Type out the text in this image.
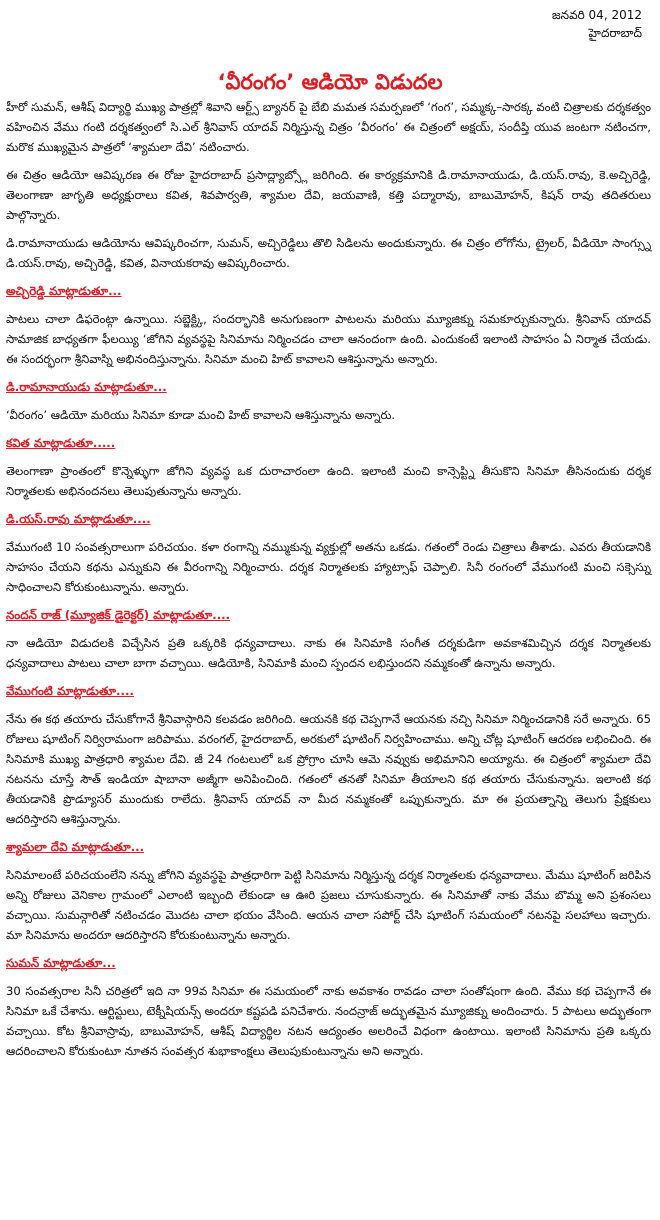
జనవరి 04, 2012
హైదరాబాద్
‘వీరంగం’ ఆడియో విడుదల
హీరో సుమన్, ఆశీష్ విద్యార్థి ముఖ్య పాత్రల్లో శివాని ఆర్ట్స్ బ్యానర్ పై బేబి మమత సమర్పణలో ‘గంగ’, సమ్మక్క–సారక్క వంటి చిత్రాలకు దర్శకత్వం వహించిన వేము గంటి దర్శకత్వంలో సి.ఎల్ శ్రీనివాస్ యాదవ్ నిర్మిస్తున్న చిత్రం ‘వీరంగం’ ఈ చిత్రంలో అక్షయ్, సందీప్తి యువ జంటగా నటించగా, మరొక ముఖ్యమైన పాత్రలో ‘శ్యామలా దేవి’ నటించారు.
ఈ చిత్రం ఆడియో ఆవిష్కరణ ఈ రోజు హైదరాబాద్ ప్రసాద్ల్యాబ్స్లో జరిగింది. ఈ కార్యక్రమానికి డి.రామానాయుడు, డి.యస్.రావు, కె.అచ్చిరెడ్డి, తెలంగాణా జాగృతి అధ్యక్షురాలు కవిత, శివపార్వతి, శ్యామల దేవి, జయవాణి, కత్తి పద్మారావు, బాబుమోహన్, కిషన్ రావు తదితరులు పాల్గొన్నారు.
డి.రామానాయుడు ఆడియోను ఆవిష్కరించగా, సుమన్, అచ్చిరెడ్డిలు తొలి సిడిలను అందుకున్నారు. ఈ చిత్రం లోగోను, ట్రైలర్, వీడియో సాంగ్స్ను డి.యస్.రావు, అచ్చిరెడ్డి, కవిత, వినాయకరావు ఆవిష్కరించారు.
అచ్చిరెడ్డి మాట్లాడుతూ...
పాటలు చాలా డిఫరెంట్గా ఉన్నాయి. సబ్జెక్ట్కి, సందర్భానికి అనుగుణంగా పాటలను మరియు మ్యూజిక్ను సమకూర్చుకున్నారు. శ్రీనివాస్ యాదవ్ సామాజిక బాధ్యతగా ఫీలయ్యి ‘జోగిని వ్యవస్థపై సినిమాను నిర్మించడం చాలా ఆనందంగా ఉంది. ఎందుకంటే ఇలాంటి సాహసం ఏ నిర్మాత చేయడు. ఈ సందర్భంగా శ్రీనివాస్ని అభినందిస్తున్నాను. సినిమా మంచి హిట్ కావాలని ఆశిస్తున్నాను అన్నారు.
డి.రామానాయుడు మాట్లాడుతూ...
‘వీరంగం’ ఆడియో మరియు సినిమా కూడా మంచి హిట్ కావాలని ఆశిస్తున్నాను అన్నారు.
కవిత మాట్లాడుతూ.....
తెలంగాణా ప్రాంతంలో కొన్నెళ్ళుగా జోగిని వ్యవస్థ ఒక దురాచారంలా ఉంది. ఇలాంటి మంచి కాన్సెప్ట్ని తీసుకొని సినిమా తీసినందుకు దర్శక నిర్మాతలకు అభినందనలు తెలుపుతున్నాను అన్నారు.
డి.యస్.రావు మాట్లాడుతూ....
వేముగంటి 10 సంవత్సరాలుగా పరిచయం. కళా రంగాన్ని నమ్ముకున్న వ్యక్తుల్లో అతను ఒకడు. గతంలో రెండు చిత్రాలు తీశాడు. ఎవరు తీయడానికి సాహసం చేయని కథను ఎన్నుకుని ఈ వీరంగాన్ని నిర్మించారు. దర్శక నిర్మాతలకు హ్యాట్సాఫ్ చెప్పాలి. సినీ రంగంలో వేముగంటి మంచి సక్సెస్ను సాధించాలని కోరుకుంటున్నాను. అన్నారు.
నందన్ రాజ్ (మ్యూజిక్ డైరెక్టర్) మాట్లాడుతూ....
నా ఆడియో విడుదలకి విచ్చేసిన ప్రతి ఒక్కరికి ధన్యవాదాలు. నాకు ఈ సినిమాకి సంగీత దర్శకుడిగా అవకాశమిచ్చిన దర్శక నిర్మాతలకు ధన్యవాదాలు పాటలు చాలా బాగా వచ్చాయి. ఆడియోకి, సినిమాకి మంచి స్పందన లభిస్తుందని నమ్మకంతో ఉన్నాను అన్నారు.
వేముగంటి మాట్లాడుతూ....
నేను ఈ కథ తయారు చేసుకోగానే శ్రీనివాస్గారిని కలవడం జరిగింది. ఆయనకి కథ చెప్పగానే ఆయనకు నచ్చి సినిమా నిర్మించడానికి సరే అన్నారు. 65 రోజులు షూటింగ్ నిర్విరామంగా జరిపాము. వరంగల్, హైదరాబాద్, అరకులో షూటింగ్ నిర్వహించాము. అన్ని చోట్ల షూటింగ్ ఆదరణ లభించింది. ఈ సినిమాకి ముఖ్య పాత్రధారి శ్యామల దేవి. జీ 24 గంటలులో ఒక ప్రోగ్రాం చూసి ఆమె నవ్వుకు అభిమానిని అయ్యాను. ఈ చిత్రంలో శ్యామలా దేవి నటనను చూస్తే సౌత్ ఇండియా షాబానా అజ్మీగా అనిపించింది. గతంలో తనతో సినిమా తీయాలని కథ తయారు చేసుకున్నాను. ఇలాంటి కథ తీయడానికి ప్రొడ్యూసర్ ముందుకు రాలేదు. శ్రీనివాస్ యాదవ్ నా మీద నమ్మకంతో ఒప్పుకున్నారు. మా ఈ ప్రయత్నాన్ని తెలుగు ప్రేక్షకులు ఆదరిస్తారని ఆశిస్తున్నాను.
శ్యామలా దేవి మాట్లాడుతూ...
సినిమాలంటే పరిచయంలేని నన్ను జోగిని వ్యవస్థపై పాత్రధారిగా పెట్టి సినిమాను నిర్మిస్తున్న దర్శక నిర్మాతలకు ధన్యవాదాలు. మేము షూటింగ్ జరిపిన అన్ని రోజులు వెనికాల గ్రామంలో ఎలాంటి ఇబ్బంది లేకుండా ఆ ఊరి ప్రజలు చూసుకున్నారు. ఈ సినిమాతో నాకు వేము బొమ్మ అని ప్రశంసలు వచ్చాయి. సుమన్గారితో నటించడం మొదట చాలా భయం వేసింది. ఆయన చాలా సపోర్ట్ చేసి షూటింగ్ సమయంలో నటనపై సలహాలు ఇచ్చారు. మా సినిమాను అందరూ ఆదరిస్తారని కోరుకుంటున్నాను అన్నారు.
సుమన్ మాట్లాడుతూ...
30 సంవత్సరాల సినీ చరిత్రలో ఇది నా 99వ సినిమా ఈ సమయంలో నాకు అవకాశం రావడం చాలా సంతోషంగా ఉంది. వేము కథ చెప్పగానే ఈ సినిమా ఒకే చేశాను. ఆర్టిస్టులు, టెక్నీషియన్స్ అందరూ కష్టపడి పనిచేశారు. నందన్రాజ్ అద్భుతమైన మ్యూజిక్ను అందించారు. 5 పాటలు అద్భుతంగా వచ్చాయి. కోట శ్రీనివాస్రావు, బాబుమోహన్, ఆశీష్ విద్యార్థిల నటన ఆద్యంతం అలరించే విధంగా ఉంటాయి. ఇలాంటి సినిమాను ప్రతి ఒక్కరు ఆదరించాలని కోరుకుంటూ నూతన సంవత్సర శుభాకాంక్షలు తెలుపుకుంటున్నాను అని అన్నారు.
